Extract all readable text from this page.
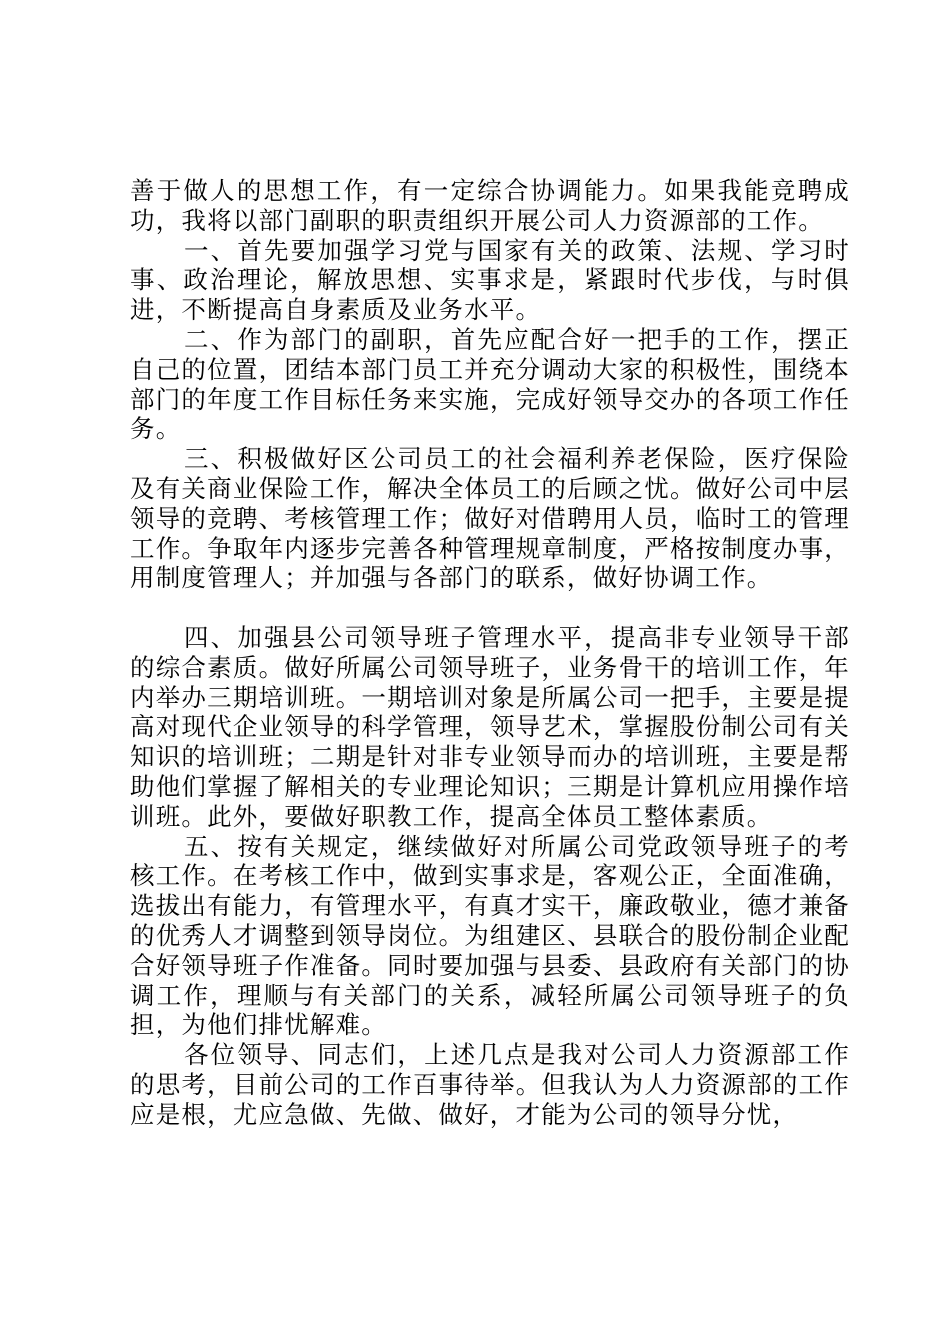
善于做人的思想工作，有一定综合协调能力。如果我能竞聘成功，我将以部门副职的职责组织开展公司人力资源部的工作。

一、首先要加强学习党与国家有关的政策、法规、学习时事、政治理论，解放思想、实事求是，紧跟时代步伐，与时俱进，不断提高自身素质及业务水平。

二、作为部门的副职，首先应配合好一把手的工作，摆正自己的位置，团结本部门员工并充分调动大家的积极性，围绕本部门的年度工作目标任务来实施，完成好领导交办的各项工作任务。

三、积极做好区公司员工的社会福利养老保险，医疗保险及有关商业保险工作，解决全体员工的后顾之忧。做好公司中层领导的竞聘、考核管理工作；做好对借聘用人员，临时工的管理工作。争取年内逐步完善各种管理规章制度，严格按制度办事，用制度管理人；并加强与各部门的联系，做好协调工作。

四、加强县公司领导班子管理水平，提高非专业领导干部的综合素质。做好所属公司领导班子，业务骨干的培训工作，年内举办三期培训班。一期培训对象是所属公司一把手，主要是提高对现代企业领导的科学管理，领导艺术，掌握股份制公司有关知识的培训班；二期是针对非专业领导而办的培训班，主要是帮助他们掌握了解相关的专业理论知识；三期是计算机应用操作培训班。此外，要做好职教工作，提高全体员工整体素质。

五、按有关规定，继续做好对所属公司党政领导班子的考核工作。在考核工作中，做到实事求是，客观公正，全面准确，选拔出有能力，有管理水平，有真才实干，廉政敬业，德才兼备的优秀人才调整到领导岗位。为组建区、县联合的股份制企业配合好领导班子作准备。同时要加强与县委、县政府有关部门的协调工作，理顺与有关部门的关系，减轻所属公司领导班子的负担，为他们排忧解难。

各位领导、同志们，上述几点是我对公司人力资源部工作的思考，目前公司的工作百事待举。但我认为人力资源部的工作应是根，尤应急做、先做、做好，才能为公司的领导分忧，
